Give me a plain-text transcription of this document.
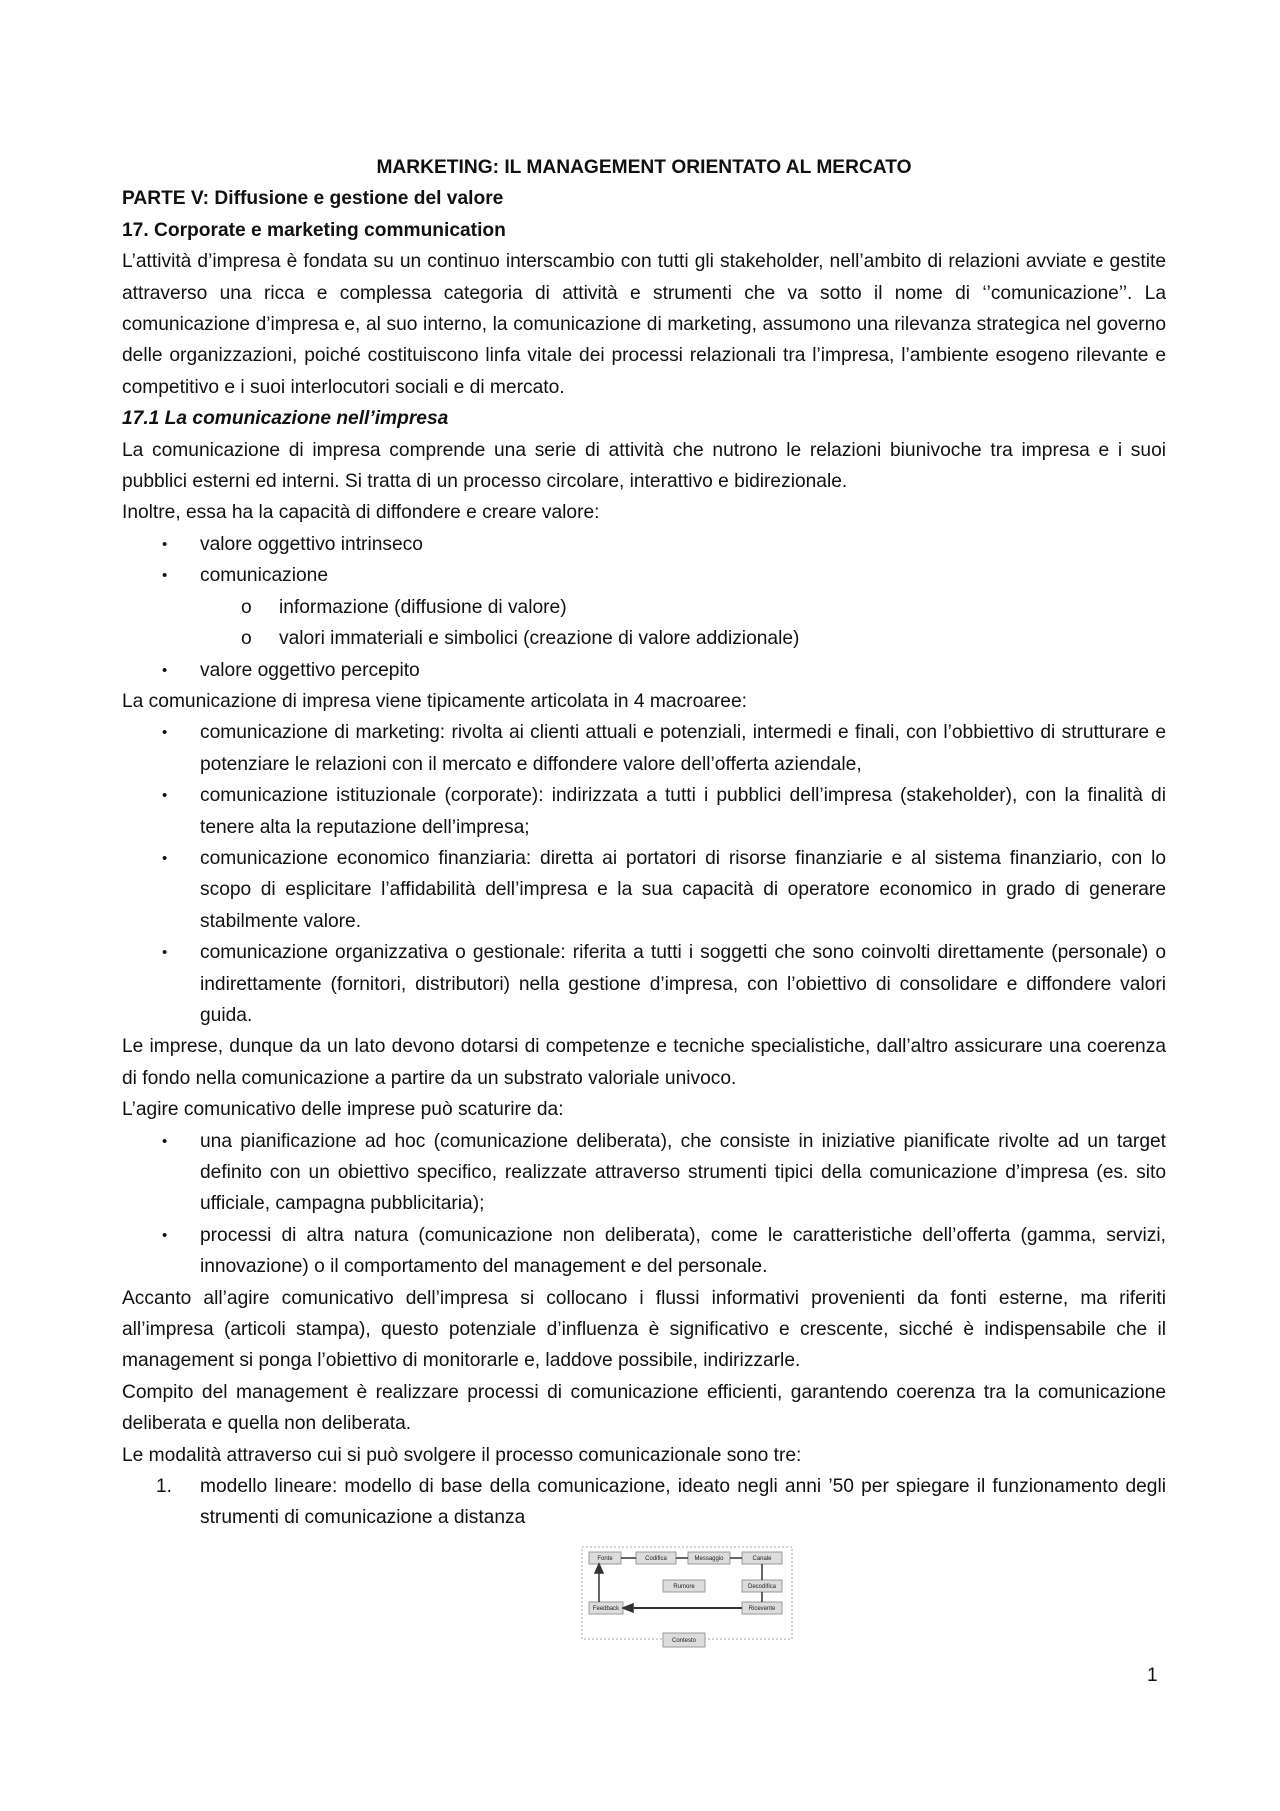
MARKETING: IL MANAGEMENT ORIENTATO AL MERCATO

PARTE V: Diffusione e gestione del valore

17. Corporate e marketing communication

L’attività d’impresa è fondata su un continuo interscambio con tutti gli stakeholder, nell’ambito di relazioni avviate e gestite attraverso una ricca e complessa categoria di attività e strumenti che va sotto il nome di ‘’comunicazione’’. La comunicazione d’impresa e, al suo interno, la comunicazione di marketing, assumono una rilevanza strategica nel governo delle organizzazioni, poiché costituiscono linfa vitale dei processi relazionali tra l’impresa, l’ambiente esogeno rilevante e competitivo e i suoi interlocutori sociali e di mercato.

17.1 La comunicazione nell’impresa

La comunicazione di impresa comprende una serie di attività che nutrono le relazioni biunivoche tra impresa e i suoi pubblici esterni ed interni. Si tratta di un processo circolare, interattivo e bidirezionale.

Inoltre, essa ha la capacità di diffondere e creare valore:

• valore oggettivo intrinseco
• comunicazione
o informazione (diffusione di valore)
o valori immateriali e simbolici (creazione di valore addizionale)
• valore oggettivo percepito

La comunicazione di impresa viene tipicamente articolata in 4 macroaree:

• comunicazione di marketing: rivolta ai clienti attuali e potenziali, intermedi e finali, con l’obbiettivo di strutturare e potenziare le relazioni con il mercato e diffondere valore dell’offerta aziendale,
• comunicazione istituzionale (corporate): indirizzata a tutti i pubblici dell’impresa (stakeholder), con la finalità di tenere alta la reputazione dell’impresa;
• comunicazione economico finanziaria: diretta ai portatori di risorse finanziarie e al sistema finanziario, con lo scopo di esplicitare l’affidabilità dell’impresa e la sua capacità di operatore economico in grado di generare stabilmente valore.
• comunicazione organizzativa o gestionale: riferita a tutti i soggetti che sono coinvolti direttamente (personale) o indirettamente (fornitori, distributori) nella gestione d’impresa, con l’obiettivo di consolidare e diffondere valori guida.

Le imprese, dunque da un lato devono dotarsi di competenze e tecniche specialistiche, dall’altro assicurare una coerenza di fondo nella comunicazione a partire da un substrato valoriale univoco.

L’agire comunicativo delle imprese può scaturire da:

• una pianificazione ad hoc (comunicazione deliberata), che consiste in iniziative pianificate rivolte ad un target definito con un obiettivo specifico, realizzate attraverso strumenti tipici della comunicazione d’impresa (es. sito ufficiale, campagna pubblicitaria);
• processi di altra natura (comunicazione non deliberata), come le caratteristiche dell’offerta (gamma, servizi, innovazione) o il comportamento del management e del personale.

Accanto all’agire comunicativo dell’impresa si collocano i flussi informativi provenienti da fonti esterne, ma riferiti all’impresa (articoli stampa), questo potenziale d’influenza è significativo e crescente, sicché è indispensabile che il management si ponga l’obiettivo di monitorarle e, laddove possibile, indirizzarle.

Compito del management è realizzare processi di comunicazione efficienti, garantendo coerenza tra la comunicazione deliberata e quella non deliberata.

Le modalità attraverso cui si può svolgere il processo comunicazionale sono tre:

1. modello lineare: modello di base della comunicazione, ideato negli anni ’50 per spiegare il funzionamento degli strumenti di comunicazione a distanza
Fonte	Codifica	Messaggio	Canale
Rumore	Decodifica
Feedback	Ricevente
Contesto
1
